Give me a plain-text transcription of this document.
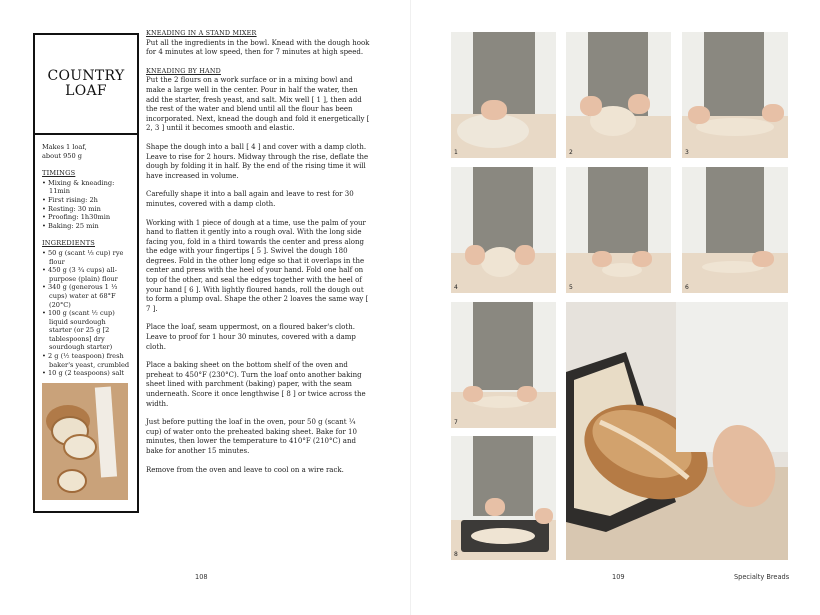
COUNTRY
LOAF
Makes 1 loaf,
about 950 g
TIMINGS
• Mixing & kneading: 11min
• First rising: 2h
• Resting: 30 min
• Proofing: 1h30min
• Baking: 25 min
INGREDIENTS
• 50 g (scant ⅓ cup) rye flour
• 450 g (3 ¾ cups) all-purpose (plain) flour
• 340 g (generous 1 ⅓ cups) water at 68°F (20°C)
• 100 g (scant ½ cup) liquid sourdough starter (or 25 g [2 tablespoons] dry sourdough starter)
• 2 g (½ teaspoon) fresh baker's yeast, crumbled
• 10 g (2 teaspoons) salt
KNEADING IN A STAND MIXER

Put all the ingredients in the bowl. Knead with the dough hook for 4 minutes at low speed, then for 7 minutes at high speed.

KNEADING BY HAND

Put the 2 flours on a work surface or in a mixing bowl and make a large well in the center. Pour in half the water, then add the starter, fresh yeast, and salt. Mix well [ 1 ], then add the rest of the water and blend until all the flour has been incorporated. Next, knead the dough and fold it energetically [ 2, 3 ] until it becomes smooth and elastic.

Shape the dough into a ball [ 4 ] and cover with a damp cloth. Leave to rise for 2 hours. Midway through the rise, deflate the dough by folding it in half. By the end of the rising time it will have increased in volume.

Carefully shape it into a ball again and leave to rest for 30 minutes, covered with a damp cloth.

Working with 1 piece of dough at a time, use the palm of your hand to flatten it gently into a rough oval. With the long side facing you, fold in a third towards the center and press along the edge with your fingertips [ 5 ]. Swivel the dough 180 degrees. Fold in the other long edge so that it overlaps in the center and press with the heel of your hand. Fold one half on top of the other, and seal the edges together with the heel of your hand [ 6 ]. With lightly floured hands, roll the dough out to form a plump oval. Shape the other 2 loaves the same way [ 7 ].

Place the loaf, seam uppermost, on a floured baker's cloth. Leave to proof for 1 hour 30 minutes, covered with a damp cloth.

Place a baking sheet on the bottom shelf of the oven and preheat to 450°F (230°C). Turn the loaf onto another baking sheet lined with parchment (baking) paper, with the seam underneath. Score it once lengthwise [ 8 ] or twice across the width.

Just before putting the loaf in the oven, pour 50 g (scant ¼ cup) of water onto the preheated baking sheet. Bake for 10 minutes, then lower the temperature to 410°F (210°C) and bake for another 15 minutes.

Remove from the oven and leave to cool on a wire rack.

108
1	2	3
4	5	6
7
8
109	Specialty Breads
